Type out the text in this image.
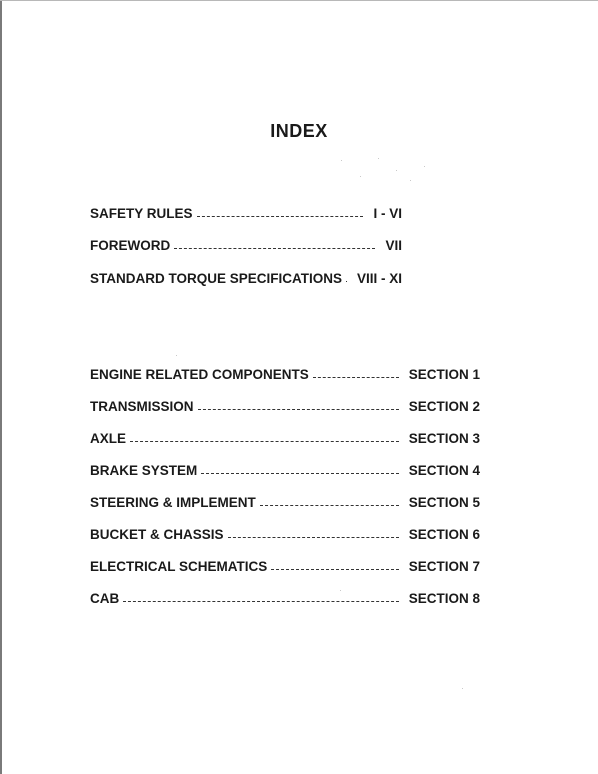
INDEX
SAFETY RULES	I - VI
FOREWORD	VII
STANDARD TORQUE SPECIFICATIONS	VIII - XI
ENGINE RELATED COMPONENTS	SECTION 1
TRANSMISSION	SECTION 2
AXLE	SECTION 3
BRAKE SYSTEM	SECTION 4
STEERING & IMPLEMENT	SECTION 5
BUCKET & CHASSIS	SECTION 6
ELECTRICAL SCHEMATICS	SECTION 7
CAB	SECTION 8
